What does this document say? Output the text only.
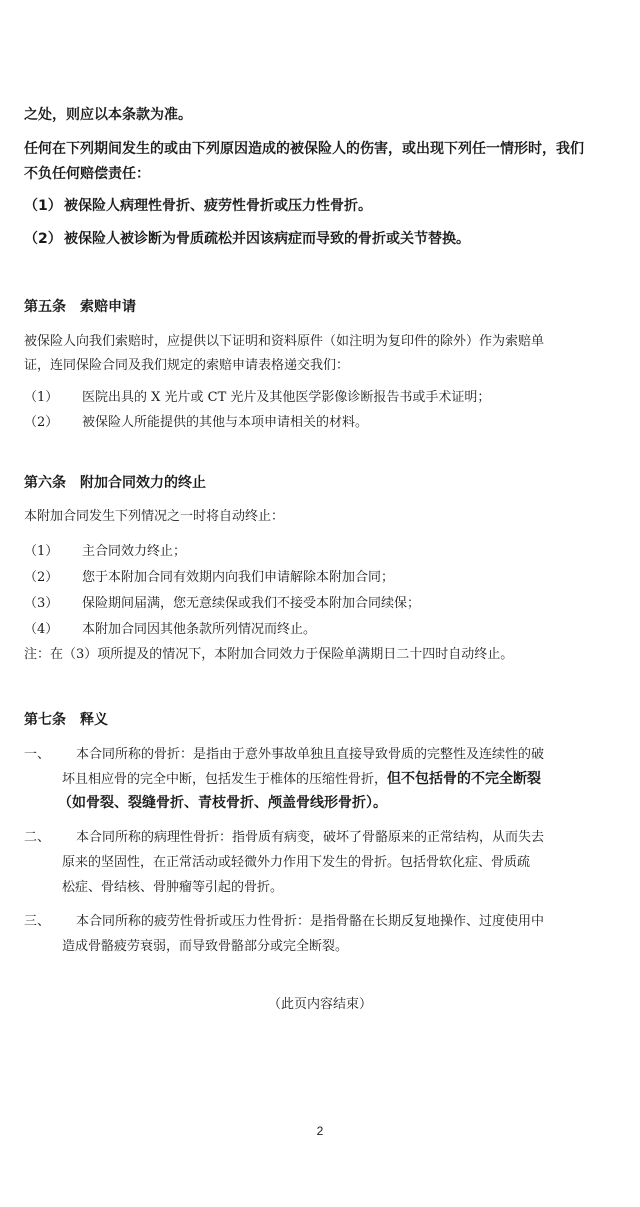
之处，则应以本条款为准。
任何在下列期间发生的或由下列原因造成的被保险人的伤害，或出现下列任一情形时，我们
不负任何赔偿责任：
（1） 被保险人病理性骨折、疲劳性骨折或压力性骨折。
（2） 被保险人被诊断为骨质疏松并因该病症而导致的骨折或关节替换。
第五条　索赔申请
被保险人向我们索赔时，应提供以下证明和资料原件（如注明为复印件的除外）作为索赔单
证，连同保险合同及我们规定的索赔申请表格递交我们：
（1） 医院出具的 X 光片或 CT 光片及其他医学影像诊断报告书或手术证明；
（2） 被保险人所能提供的其他与本项申请相关的材料。
第六条　附加合同效力的终止
本附加合同发生下列情况之一时将自动终止：
（1） 主合同效力终止；
（2） 您于本附加合同有效期内向我们申请解除本附加合同；
（3） 保险期间届满，您无意续保或我们不接受本附加合同续保；
（4） 本附加合同因其他条款所列情况而终止。
注：在（3）项所提及的情况下，本附加合同效力于保险单满期日二十四时自动终止。
第七条　释义
一、 本合同所称的骨折：是指由于意外事故单独且直接导致骨质的完整性及连续性的破
坏且相应骨的完全中断，包括发生于椎体的压缩性骨折，但不包括骨的不完全断裂
（如骨裂、裂缝骨折、青枝骨折、颅盖骨线形骨折）。
二、 本合同所称的病理性骨折：指骨质有病变，破坏了骨骼原来的正常结构，从而失去
原来的坚固性，在正常活动或轻微外力作用下发生的骨折。包括骨软化症、骨质疏
松症、骨结核、骨肿瘤等引起的骨折。
三、 本合同所称的疲劳性骨折或压力性骨折：是指骨骼在长期反复地操作、过度使用中
造成骨骼疲劳衰弱，而导致骨骼部分或完全断裂。
（此页内容结束）
2
